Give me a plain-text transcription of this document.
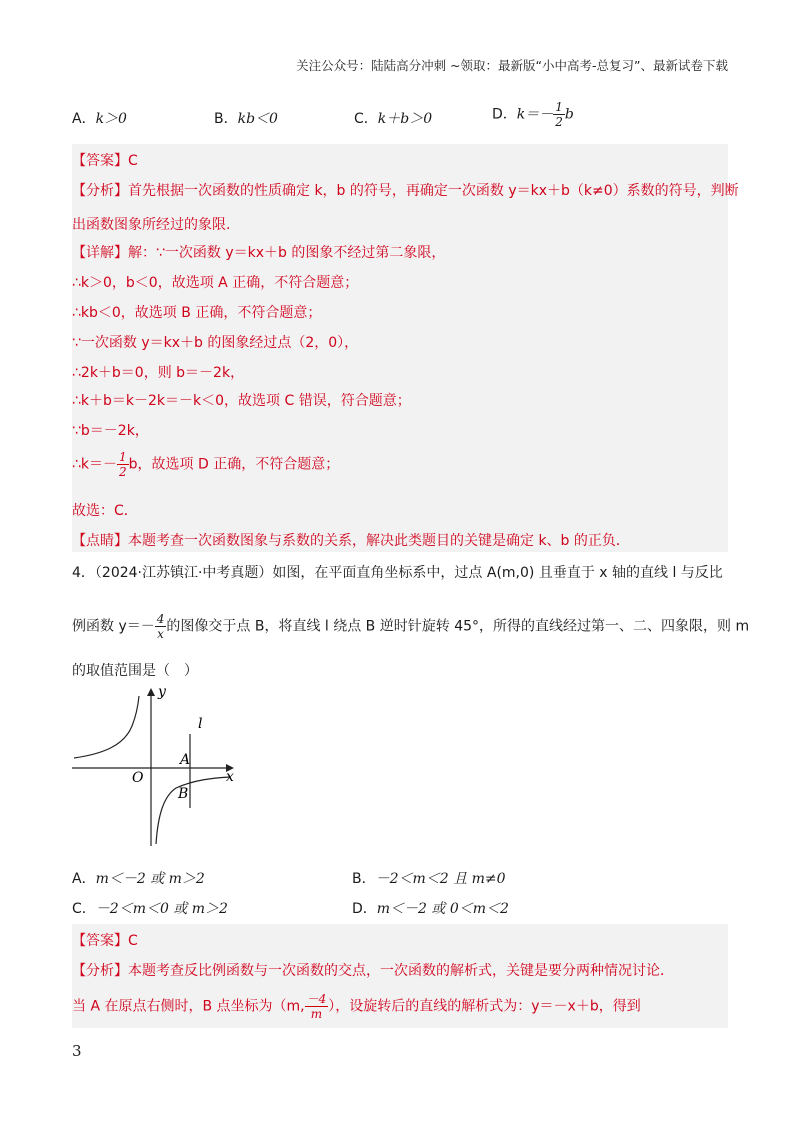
关注公众号：陆陆高分冲刺 ~领取：最新版“小中高考-总复习”、最新试卷下载
A．k＞0	B．kb＜0	C．k＋b＞0	D．$k=- \frac{1}{2}$ b
【答案】C
【分析】首先根据一次函数的性质确定 k，b 的符号，再确定一次函数 y＝kx＋b（k≠0）系数的符号，判断
出函数图象所经过的象限．
【详解】解：∵一次函数 y＝kx＋b 的图象不经过第二象限，
∴k＞0，b＜0，故选项 A 正确，不符合题意；
∴kb＜0，故选项 B 正确，不符合题意；
∵一次函数 y＝kx＋b 的图象经过点（2，0），
∴2k＋b＝0，则 b＝－2k，
∴k＋b＝k－2k＝－k＜0，故选项 C 错误，符合题意；
∵b＝－2k，
∴k＝－ $\frac{1}{2}$ b，故选项 D 正确，不符合题意；
故选：C．
【点睛】本题考查一次函数图象与系数的关系，解决此类题目的关键是确定 k、b 的正负．
4．（2024·江苏镇江·中考真题）如图，在平面直角坐标系中，过点 A(m,0) 且垂直于 x 轴的直线 l 与反比
例函数 $y=- \frac{4}{x}$ 的图像交于点 B，将直线 l 绕点 B 逆时针旋转 45°，所得的直线经过第一、二、四象限，则 m
的取值范围是（　）
y
x
O
l
A
B
A．m＜－2 或 m＞2	B．－2＜m＜2 且 m≠0
C．－2＜m＜0 或 m＞2	D．m＜－2 或 0＜m＜2
【答案】C
【分析】本题考查反比例函数与一次函数的交点，一次函数的解析式，关键是要分两种情况讨论．
当 A 在原点右侧时，B 点坐标为（m, $\frac{-4}{m}$ ），设旋转后的直线的解析式为：y＝－x＋b，得到
3
